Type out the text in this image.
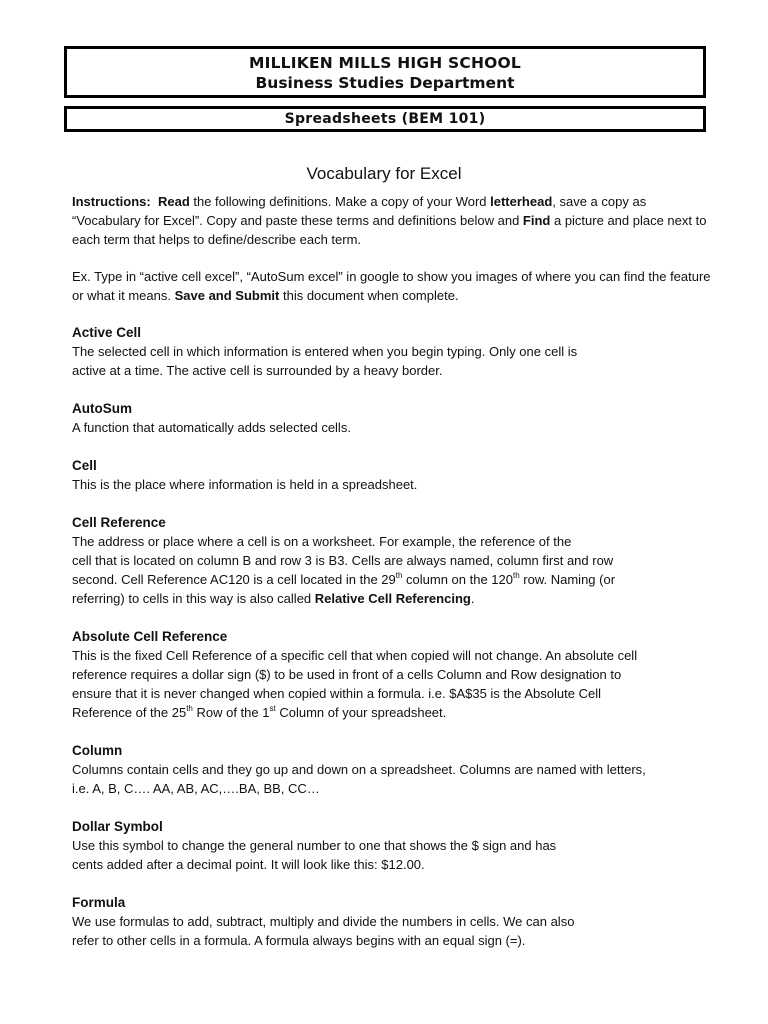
MILLIKEN MILLS HIGH SCHOOL
Business Studies Department
Spreadsheets (BEM 101)
Vocabulary for Excel

Instructions: Read the following definitions. Make a copy of your Word letterhead, save a copy as “Vocabulary for Excel”. Copy and paste these terms and definitions below and Find a picture and place next to each term that helps to define/describe each term.

Ex. Type in “active cell excel”, “AutoSum excel” in google to show you images of where you can find the feature or what it means. Save and Submit this document when complete.

Active Cell
The selected cell in which information is entered when you begin typing. Only one cell is
active at a time. The active cell is surrounded by a heavy border.
AutoSum
A function that automatically adds selected cells.
Cell
This is the place where information is held in a spreadsheet.
Cell Reference
The address or place where a cell is on a worksheet. For example, the reference of the
cell that is located on column B and row 3 is B3. Cells are always named, column first and row
second. Cell Reference AC120 is a cell located in the 29th column on the 120th row. Naming (or
referring) to cells in this way is also called Relative Cell Referencing.
Absolute Cell Reference
This is the fixed Cell Reference of a specific cell that when copied will not change. An absolute cell
reference requires a dollar sign ($) to be used in front of a cells Column and Row designation to
ensure that it is never changed when copied within a formula. i.e. $A$35 is the Absolute Cell
Reference of the 25th Row of the 1st Column of your spreadsheet.
Column
Columns contain cells and they go up and down on a spreadsheet. Columns are named with letters,
i.e. A, B, C…. AA, AB, AC,….BA, BB, CC…
Dollar Symbol
Use this symbol to change the general number to one that shows the $ sign and has
cents added after a decimal point. It will look like this: $12.00.
Formula
We use formulas to add, subtract, multiply and divide the numbers in cells. We can also
refer to other cells in a formula. A formula always begins with an equal sign (=).
